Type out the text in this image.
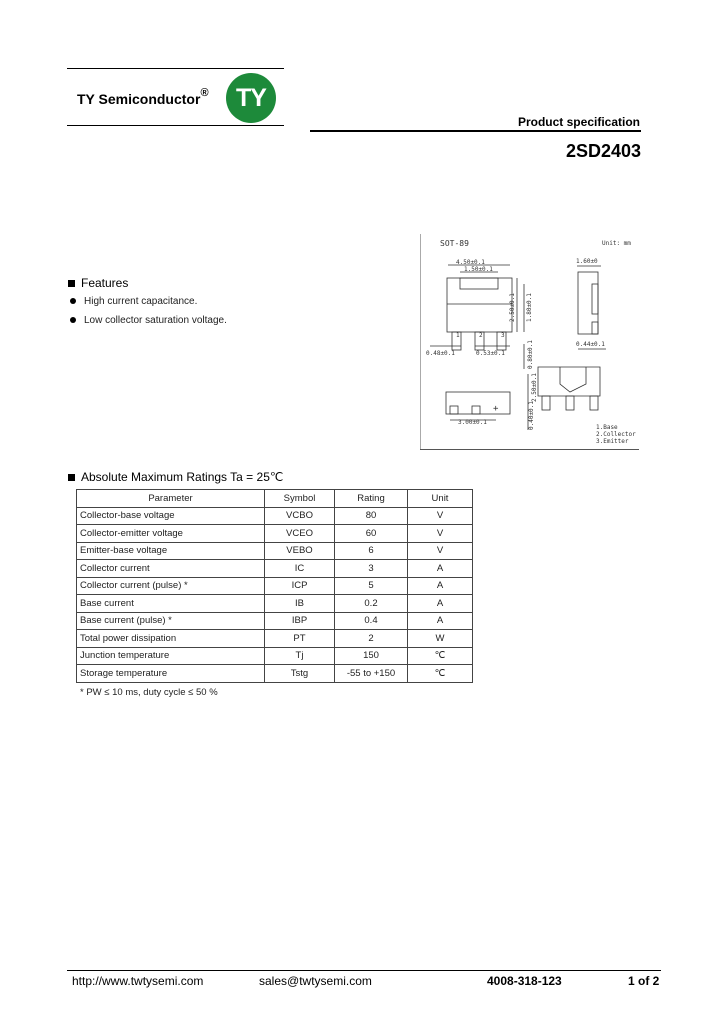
TY Semiconductor® TY
Product specification
2SD2403
Features
High current capacitance.
Low collector saturation voltage.
SOT-89	Unit: mm
4.50±0.1
1.50±0.1
2.50±0.1 1.80±0.1
0.48±0.1	0.53±0.1
1	2	3
1.60±0
0.44±0.1
0.80±0.1
2.50±0.1
0.40±0.1
+
3.00±0.1
1.Base
2.Collector
3.Emitter
Absolute Maximum Ratings Ta = 25℃
Parameter	Symbol	Rating	Unit
Collector-base voltage	VCBO	80	V
Collector-emitter voltage	VCEO	60	V
Emitter-base voltage	VEBO	6	V
Collector current	IC	3	A
Collector current (pulse) *	ICP	5	A
Base current	IB	0.2	A
Base current (pulse) *	IBP	0.4	A
Total power dissipation	PT	2	W
Junction temperature	Tj	150	℃
Storage temperature	Tstg	-55 to +150	℃
* PW ≤ 10 ms, duty cycle ≤ 50 %
http://www.twtysemi.com	sales@twtysemi.com	4008-318-123	1 of 2
